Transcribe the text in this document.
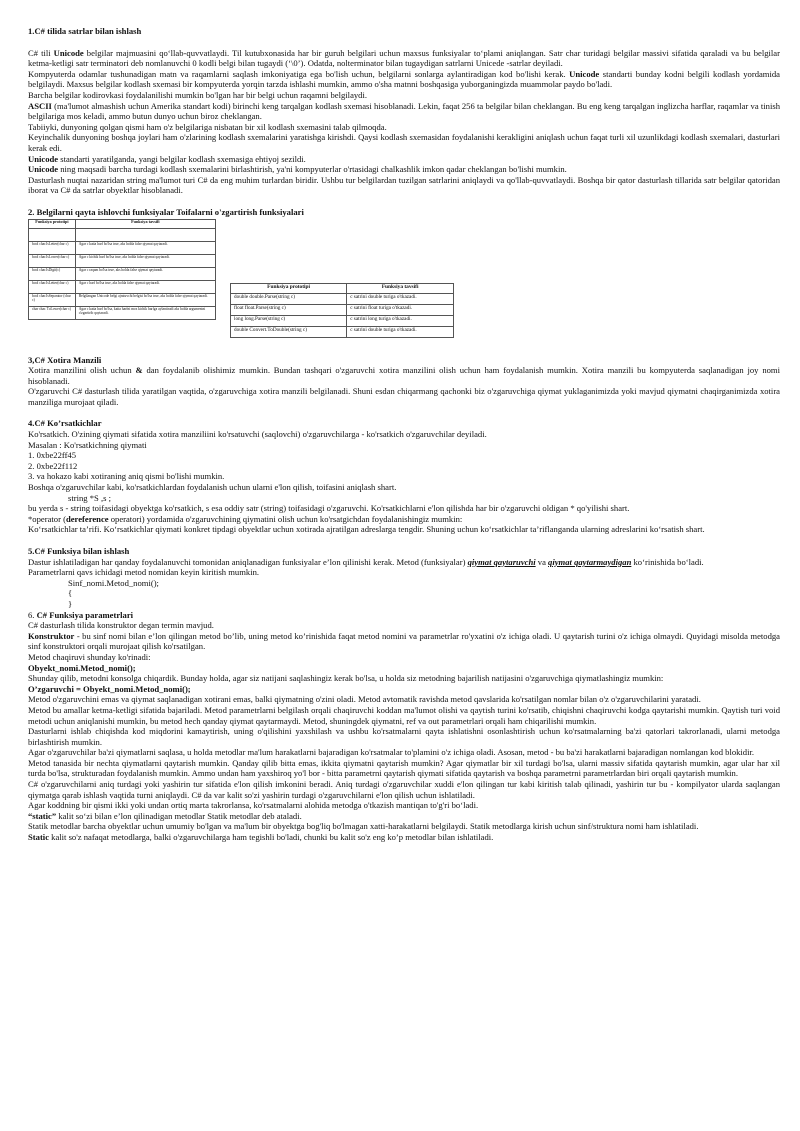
1.C# tilida satrlar bilan ishlash

C# tili Unicode belgilar majmuasini qo‘llab-quvvatlaydi. Til kutubxonasida har bir guruh belgilari uchun maxsus funksiyalar to‘plami aniqlangan. Satr char turidagi belgilar massivi sifatida qaraladi va bu belgilar ketma-ketligi satr terminatori deb nomlanuvchi 0 kodli belgi bilan tugaydi (‘\0’). Odatda, nolterminator bilan tugaydigan satrlarni Unicede -satrlar deyiladi.

Kompyuterda odamlar tushunadigan matn va raqamlarni saqlash imkoniyatiga ega bo'lish uchun, belgilarni sonlarga aylantiradigan kod bo'lishi kerak. Unicode standarti bunday kodni belgili kodlash yordamida belgilaydi. Maxsus belgilar kodlash sxemasi bir kompyuterda yorqin tarzda ishlashi mumkin, ammo o'sha matnni boshqasiga yuborganingizda muammolar paydo bo'ladi.

Barcha belgilar kodirovkasi foydalanilishi mumkin bo'lgan har bir belgi uchun raqamni belgilaydi.

ASCII (ma'lumot almashish uchun Amerika standart kodi) birinchi keng tarqalgan kodlash sxemasi hisoblanadi. Lekin, faqat 256 ta belgilar bilan cheklangan. Bu eng keng tarqalgan inglizcha harflar, raqamlar va tinish belgilariga mos keladi, ammo butun dunyo uchun biroz cheklangan.

Tabiiyki, dunyoning qolgan qismi ham o'z belgilariga nisbatan bir xil kodlash sxemasini talab qilmoqda.

Keyinchalik dunyoning boshqa joylari ham o'zlarining kodlash sxemalarini yaratishga kirishdi. Qaysi kodlash sxemasidan foydalanishi kerakligini aniqlash uchun faqat turli xil uzunlikdagi kodlash sxemalari, dasturlari kerak edi.

Unicode standarti yaratilganda, yangi belgilar kodlash sxemasiga ehtiyoj sezildi.

Unicode ning maqsadi barcha turdagi kodlash sxemalarini birlashtirish, ya'ni kompyuterlar o'rtasidagi chalkashlik imkon qadar cheklangan bo'lishi mumkin.

Dasturlash nuqtai nazaridan string ma'lumot turi C# da eng muhim turlardan biridir. Ushbu tur belgilardan tuzilgan satrlarini aniqlaydi va qo'llab-quvvatlaydi. Boshqa bir qator dasturlash tillarida satr belgilar qatoridan iborat va C# da satrlar obyektlar hisoblanadi.

2. Belgilarni qayta ishlovchi funksiyalar Toifalarni o'zgartirish funksiyalari

Funksiya prototipi	Funksiya tavsifi

bool char.IsLetter(char c)	Agar c katta harf bo'lsa true, aks holda false qiymat qaytaradi.
bool char.IsLower(char c)	Agar c kichik harf bo'lsa true, aks holda false qiymat qaytaradi.
bool char.IsDigit(c)	Agar c raqam bo'lsa true, aks holda false qiymat qaytaradi.
bool char.IsLetter(char c)	Agar c harf bo'lsa true, aks holda false qiymat qaytaradi.
bool char.IsSeparator (char c)	Belgilangan Unicode belgi ajratuvchi belgisi bo'lsa true, aks holda false qiymat qaytaradi.
char char. ToLower(char c)	Agar c katta harf bo'lsa, katta harfni mos kichik harfga aylantiradi aks holda argumentni o'zgartirib qaytaradi.
Funksiya prototipi	Funksiya tavsifi
double double.Parse(string c)	c satrini double turiga o'tkazadi.
float float.Parse(string c)	c satrini float turiga o'tkazadi.
long long.Parse(string c)	c satrini long turiga o'tkazadi.
double Convert.ToDouble(string c)	c satrini double turiga o'tkazadi.

3,C# Xotira Manzili

Xotira manzilini olish uchun & dan foydalanib olishimiz mumkin. Bundan tashqari o'zgaruvchi xotira manzilini olish uchun ham foydalanish mumkin. Xotira manzili bu kompyuterda saqlanadigan joy nomi hisoblanadi.

O'zgaruvchi C# dasturlash tilida yaratilgan vaqtida, o'zgaruvchiga xotira manzili belgilanadi. Shuni esdan chiqarmang qachonki biz o'zgaruvchiga qiymat yuklaganimizda yoki mavjud qiymatni chaqirganimizda xotira manziliga murojaat qiladi.

4.C# Ko’rsatkichlar

Ko'rsatkich. O'zining qiymati sifatida xotira manziliini ko'rsatuvchi (saqlovchi) o'zgaruvchilarga - ko'rsatkich o'zgaruvchilar deyiladi.

Masalan : Ko'rsatkichning qiymati

1. 0xbe22ff45

2. 0xbe22f112

3. va hokazo kabi xotiraning aniq qismi bo'lishi mumkin.

Boshqa o'zgaruvchilar kabi, ko'rsatkichlardan foydalanish uchun ularni e'lon qilish, toifasini aniqlash shart.

string *S ,s ;

bu yerda s - string toifasidagi obyektga ko'rsatkich, s esa oddiy satr (string) toifasidagi o'zgaruvchi. Ko'rsatkichlarni e'lon qilishda har bir o'zgaruvchi oldigan * qo'yilishi shart.

*operator (dereference operatori) yordamida o'zgaruvchining qiymatini olish uchun ko'rsatgichdan foydalanishingiz mumkin:

Ko‘rsatkichlar ta’rifi. Ko‘rsatkichlar qiymati konkret tipdagi obyektlar uchun xotirada ajratilgan adreslarga tengdir. Shuning uchun ko‘rsatkichlar ta’riflanganda ularning adreslarini ko‘rsatish shart.

5.C# Funksiya bilan ishlash

Dastur ishlatiladigan har qanday foydalanuvchi tomonidan aniqlanadigan funksiyalar e’lon qilinishi kerak. Metod (funksiyalar) qiymat qaytaruvchi va qiymat qaytarmaydigan ko‘rinishida bo‘ladi.

Parametrlarni qavs ichidagi metod nomidan keyin kiritish mumkin.

Sinf_nomi.Metod_nomi();

{

}

6. C# Funksiya parametrlari

C# dasturlash tilida konstruktor degan termin mavjud.

Konstruktor - bu sinf nomi bilan e’lon qilingan metod bo’lib, uning metod ko’rinishida faqat metod nomini va parametrlar ro'yxatini o'z ichiga oladi. U qaytarish turini o'z ichiga olmaydi. Quyidagi misolda metodga sinf konstruktori orqali murojaat qilish ko'rsatilgan.

Metod chaqiruvi shunday ko'rinadi:

Obyekt_nomi.Metod_nomi();

Shunday qilib, metodni konsolga chiqardik. Bunday holda, agar siz natijani saqlashingiz kerak bo'lsa, u holda siz metodning bajarilish natijasini o'zgaruvchiga qiymatlashingiz mumkin:

O’zgaruvchi = Obyekt_nomi.Metod_nomi();

Metod o'zgaruvchini emas va qiymat saqlanadigan xotirani emas, balki qiymatning o'zini oladi. Metod avtomatik ravishda metod qavslarida ko'rsatilgan nomlar bilan o'z o'zgaruvchilarini yaratadi.

Metod bu amallar ketma-ketligi sifatida bajariladi. Metod parametrlarni belgilash orqali chaqiruvchi koddan ma'lumot olishi va qaytish turini ko'rsatib, chiqishni chaqiruvchi kodga qaytarishi mumkin. Qaytish turi void metodi uchun aniqlanishi mumkin, bu metod hech qanday qiymat qaytarmaydi. Metod, shuningdek qiymatni, ref va out parametrlari orqali ham chiqarilishi mumkin.

Dasturlarni ishlab chiqishda kod miqdorini kamaytirish, uning o'qilishini yaxshilash va ushbu ko'rsatmalarni qayta ishlatishni osonlashtirish uchun ko'rsatmalarning ba'zi qatorlari takrorlanadi, ularni metodga birlashtirish mumkin.

Agar o'zgaruvchilar ba'zi qiymatlarni saqlasa, u holda metodlar ma'lum harakatlarni bajaradigan ko'rsatmalar to'plamini o'z ichiga oladi. Asosan, metod - bu ba'zi harakatlarni bajaradigan nomlangan kod blokidir.

Metod tanasida bir nechta qiymatlarni qaytarish mumkin. Qanday qilib bitta emas, ikkita qiymatni qaytarish mumkin? Agar qiymatlar bir xil turdagi bo'lsa, ularni massiv sifatida qaytarish mumkin, agar ular har xil turda bo'lsa, strukturadan foydalanish mumkin. Ammo undan ham yaxshiroq yo'l bor - bitta parametrni qaytarish qiymati sifatida qaytarish va boshqa parametrni parametrlardan biri orqali qaytarish mumkin.

C# o'zgaruvchilarni aniq turdagi yoki yashirin tur sifatida e'lon qilish imkonini beradi. Aniq turdagi o'zgaruvchilar xuddi e'lon qilingan tur kabi kiritish talab qilinadi, yashirin tur bu - kompilyator ularda saqlangan qiymatga qarab ishlash vaqtida turni aniqlaydi. C# da var kalit so'zi yashirin turdagi o'zgaruvchilarni e'lon qilish uchun ishlatiladi.

Agar koddning bir qismi ikki yoki undan ortiq marta takrorlansa, ko'rsatmalarni alohida metodga o'tkazish mantiqan to'g'ri bo‘ladi.

“static” kalit so‘zi bilan e’lon qilinadigan metodlar Statik metodlar deb ataladi.

Statik metodlar barcha obyektlar uchun umumiy bo'lgan va ma'lum bir obyektga bog'liq bo'lmagan xatti-harakatlarni belgilaydi. Statik metodlarga kirish uchun sinf/struktura nomi ham ishlatiladi.

Static kalit so'z nafaqat metodlarga, balki o'zgaruvchilarga ham tegishli bo'ladi, chunki bu kalit so'z eng ko’p metodlar bilan ishlatiladi.
